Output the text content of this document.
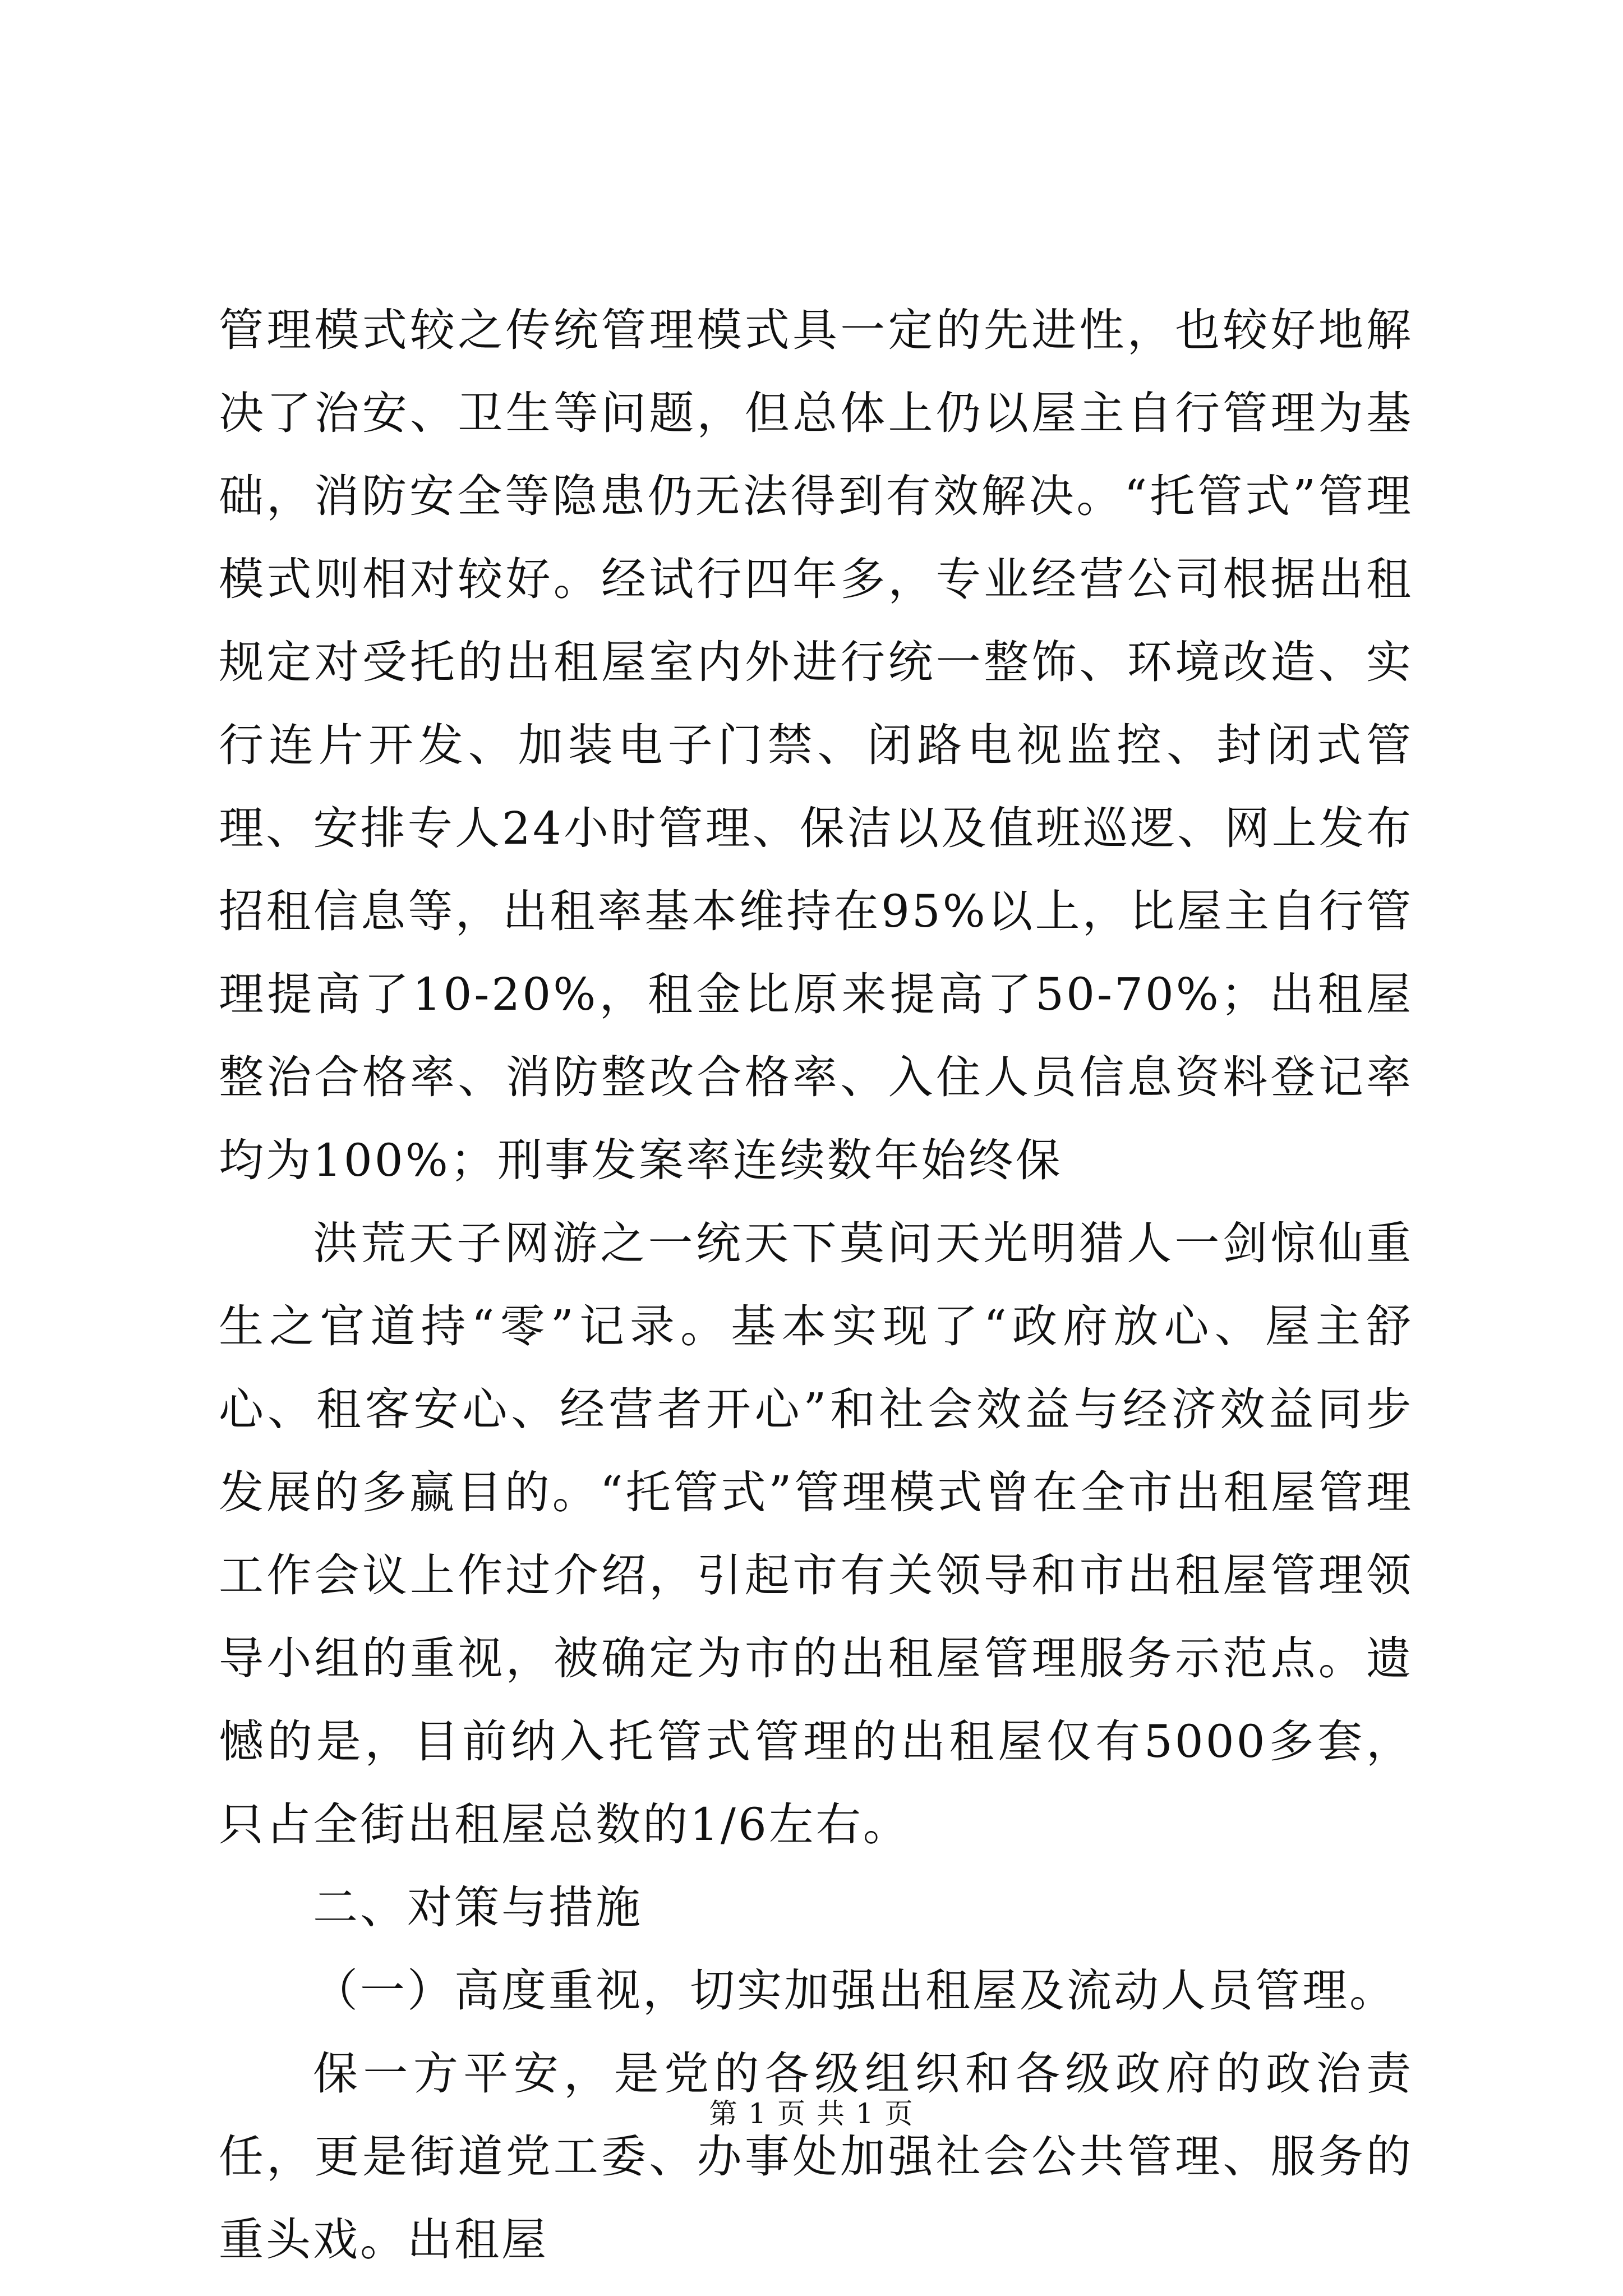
管理模式较之传统管理模式具一定的先进性，也较好地解决了治安、卫生等问题，但总体上仍以屋主自行管理为基础，消防安全等隐患仍无法得到有效解决。“托管式”管理模式则相对较好。经试行四年多，专业经营公司根据出租规定对受托的出租屋室内外进行统一整饰、环境改造、实行连片开发、加装电子门禁、闭路电视监控、封闭式管理、安排专人24小时管理、保洁以及值班巡逻、网上发布招租信息等，出租率基本维持在95%以上，比屋主自行管理提高了10-20%，租金比原来提高了50-70%；出租屋整治合格率、消防整改合格率、入住人员信息资料登记率均为100%；刑事发案率连续数年始终保

洪荒天子网游之一统天下莫问天光明猎人一剑惊仙重生之官道持“零”记录。基本实现了“政府放心、屋主舒心、租客安心、经营者开心”和社会效益与经济效益同步发展的多赢目的。“托管式”管理模式曾在全市出租屋管理工作会议上作过介绍，引起市有关领导和市出租屋管理领导小组的重视，被确定为市的出租屋管理服务示范点。遗憾的是，目前纳入托管式管理的出租屋仅有5000多套，只占全街出租屋总数的1/6左右。

二、对策与措施

（一）高度重视，切实加强出租屋及流动人员管理。

保一方平安，是党的各级组织和各级政府的政治责任，更是街道党工委、办事处加强社会公共管理、服务的重头戏。出租屋

第 1 页 共 1 页
